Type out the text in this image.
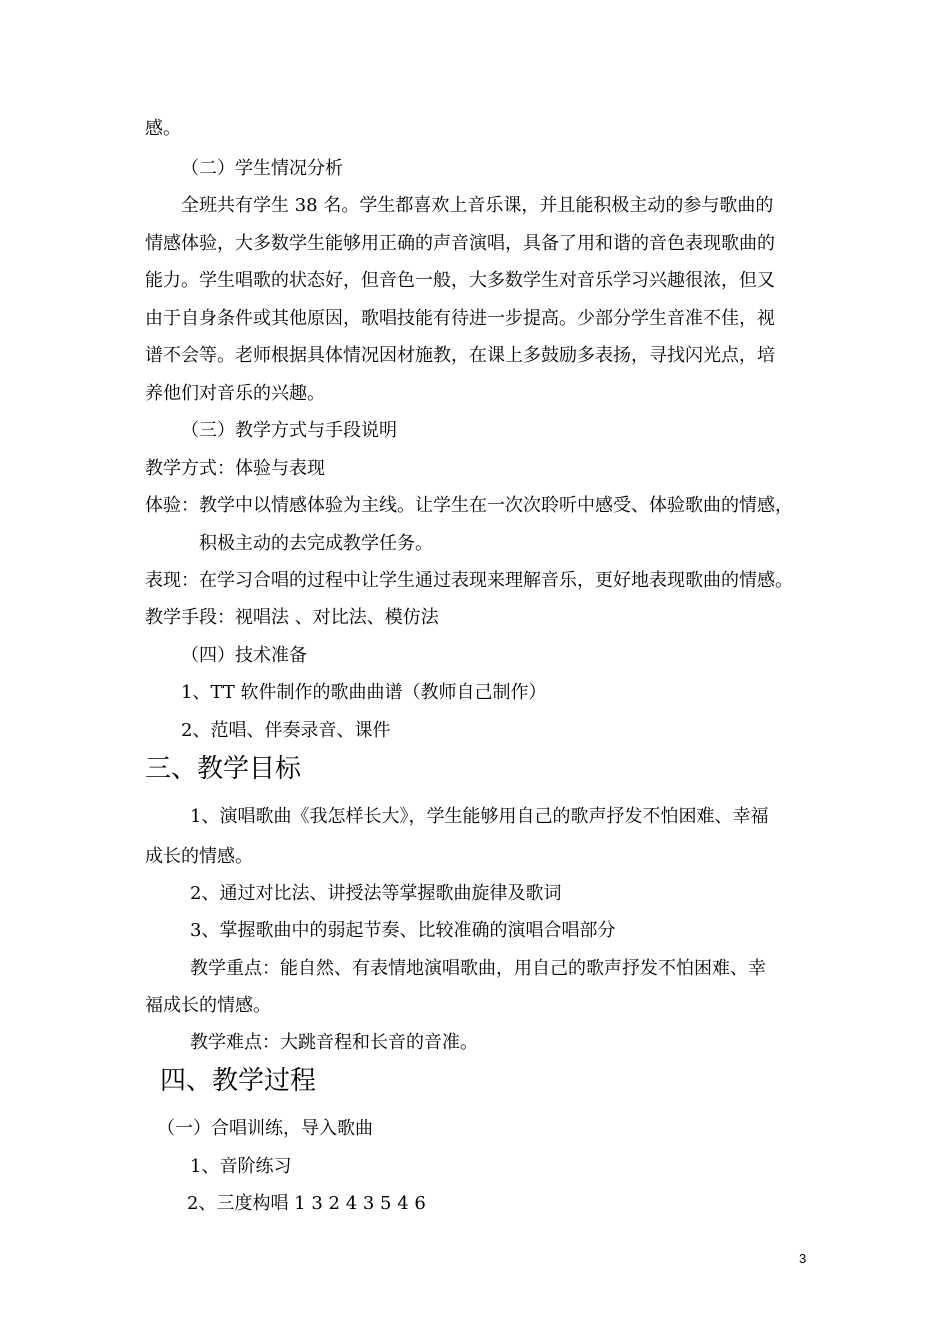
感。
（二）学生情况分析
全班共有学生 38 名。学生都喜欢上音乐课，并且能积极主动的参与歌曲的
情感体验，大多数学生能够用正确的声音演唱，具备了用和谐的音色表现歌曲的
能力。学生唱歌的状态好，但音色一般，大多数学生对音乐学习兴趣很浓，但又
由于自身条件或其他原因，歌唱技能有待进一步提高。少部分学生音准不佳，视
谱不会等。老师根据具体情况因材施教，在课上多鼓励多表扬，寻找闪光点，培
养他们对音乐的兴趣。
（三）教学方式与手段说明
教学方式：体验与表现
体验：教学中以情感体验为主线。让学生在一次次聆听中感受、体验歌曲的情感，
积极主动的去完成教学任务。
表现：在学习合唱的过程中让学生通过表现来理解音乐，更好地表现歌曲的情感。
教学手段：视唱法 、对比法、模仿法
（四）技术准备
1、TT 软件制作的歌曲曲谱（教师自己制作）
2、范唱、伴奏录音、课件
三、教学目标
1、演唱歌曲《我怎样长大》，学生能够用自己的歌声抒发不怕困难、幸福
成长的情感。
2、通过对比法、讲授法等掌握歌曲旋律及歌词
3、掌握歌曲中的弱起节奏、比较准确的演唱合唱部分
教学重点：能自然、有表情地演唱歌曲，用自己的歌声抒发不怕困难、幸
福成长的情感。
教学难点：大跳音程和长音的音准。
四、教学过程
（一）合唱训练，导入歌曲
1、音阶练习
2、三度构唱 1 3 2 4 3 5 4 6
3
